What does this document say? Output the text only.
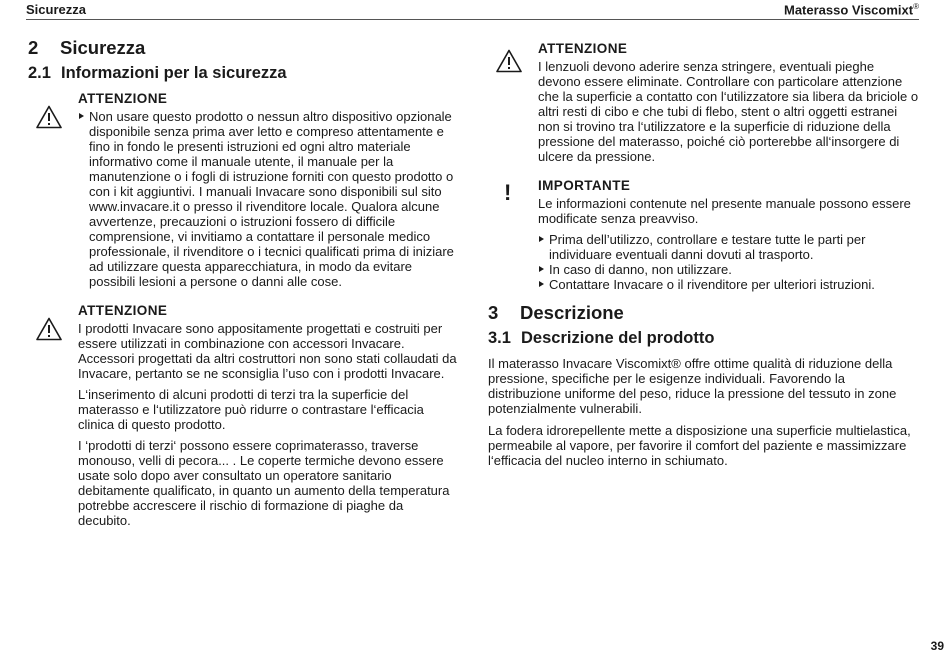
Sicurezza	Materasso Viscomixt®
2	Sicurezza
2.1 Informazioni per la sicurezza
ATTENZIONE
Non usare questo prodotto o nessun altro dispositivo opzionale disponibile senza prima aver letto e compreso attentamente e fino in fondo le presenti istruzioni ed ogni altro materiale informativo come il manuale utente, il manuale per la manutenzione o i fogli di istruzione forniti con questo prodotto o con i kit aggiuntivi. I manuali Invacare sono disponibili sul sito www.invacare.it o presso il rivenditore locale. Qualora alcune avvertenze, precauzioni o istruzioni fossero di difficile comprensione, vi invitiamo a contattare il personale medico professionale, il rivenditore o i tecnici qualificati prima di iniziare ad utilizzare questa apparecchiatura, in modo da evitare possibili lesioni a persone o danni alle cose.
ATTENZIONE

I prodotti Invacare sono appositamente progettati e costruiti per essere utilizzati in combinazione con accessori Invacare. Accessori progettati da altri costruttori non sono stati collaudati da Invacare, pertanto se ne sconsiglia l’uso con i prodotti Invacare.

L‘inserimento di alcuni prodotti di terzi tra la superficie del materasso e l‘utilizzatore può ridurre o contrastare l‘efficacia clinica di questo prodotto.

I ‘prodotti di terzi‘ possono essere coprimaterasso, traverse monouso, velli di pecora... . Le coperte termiche devono essere usate solo dopo aver consultato un operatore sanitario debitamente qualificato, in quanto un aumento della temperatura potrebbe accrescere il rischio di formazione di piaghe da decubito.

ATTENZIONE

I lenzuoli devono aderire senza stringere, eventuali pieghe devono essere eliminate. Controllare con particolare attenzione che la superficie a contatto con l‘utilizzatore sia libera da briciole o altri resti di cibo e che tubi di flebo, stent o altri oggetti estranei non si trovino tra l‘utilizzatore e la superficie di riduzione della pressione del materasso, poiché ciò porterebbe all‘insorgere di ulcere da pressione.

! IMPORTANTE

Le informazioni contenute nel presente manuale possono essere modificate senza preavviso.

Prima dell’utilizzo, controllare e testare tutte le parti per individuare eventuali danni dovuti al trasporto.
In caso di danno, non utilizzare.
Contattare Invacare o il rivenditore per ulteriori istruzioni.
3	Descrizione
3.1 Descrizione del prodotto

Il materasso Invacare Viscomixt® offre ottime qualità di riduzione della pressione, specifiche per le esigenze individuali. Favorendo la distribuzione uniforme del peso, riduce la pressione del tessuto in zone potenzialmente vulnerabili.

La fodera idrorepellente mette a disposizione una superficie multielastica, permeabile al vapore, per favorire il comfort del paziente e massimizzare l‘efficacia del nucleo interno in schiumato.

39
